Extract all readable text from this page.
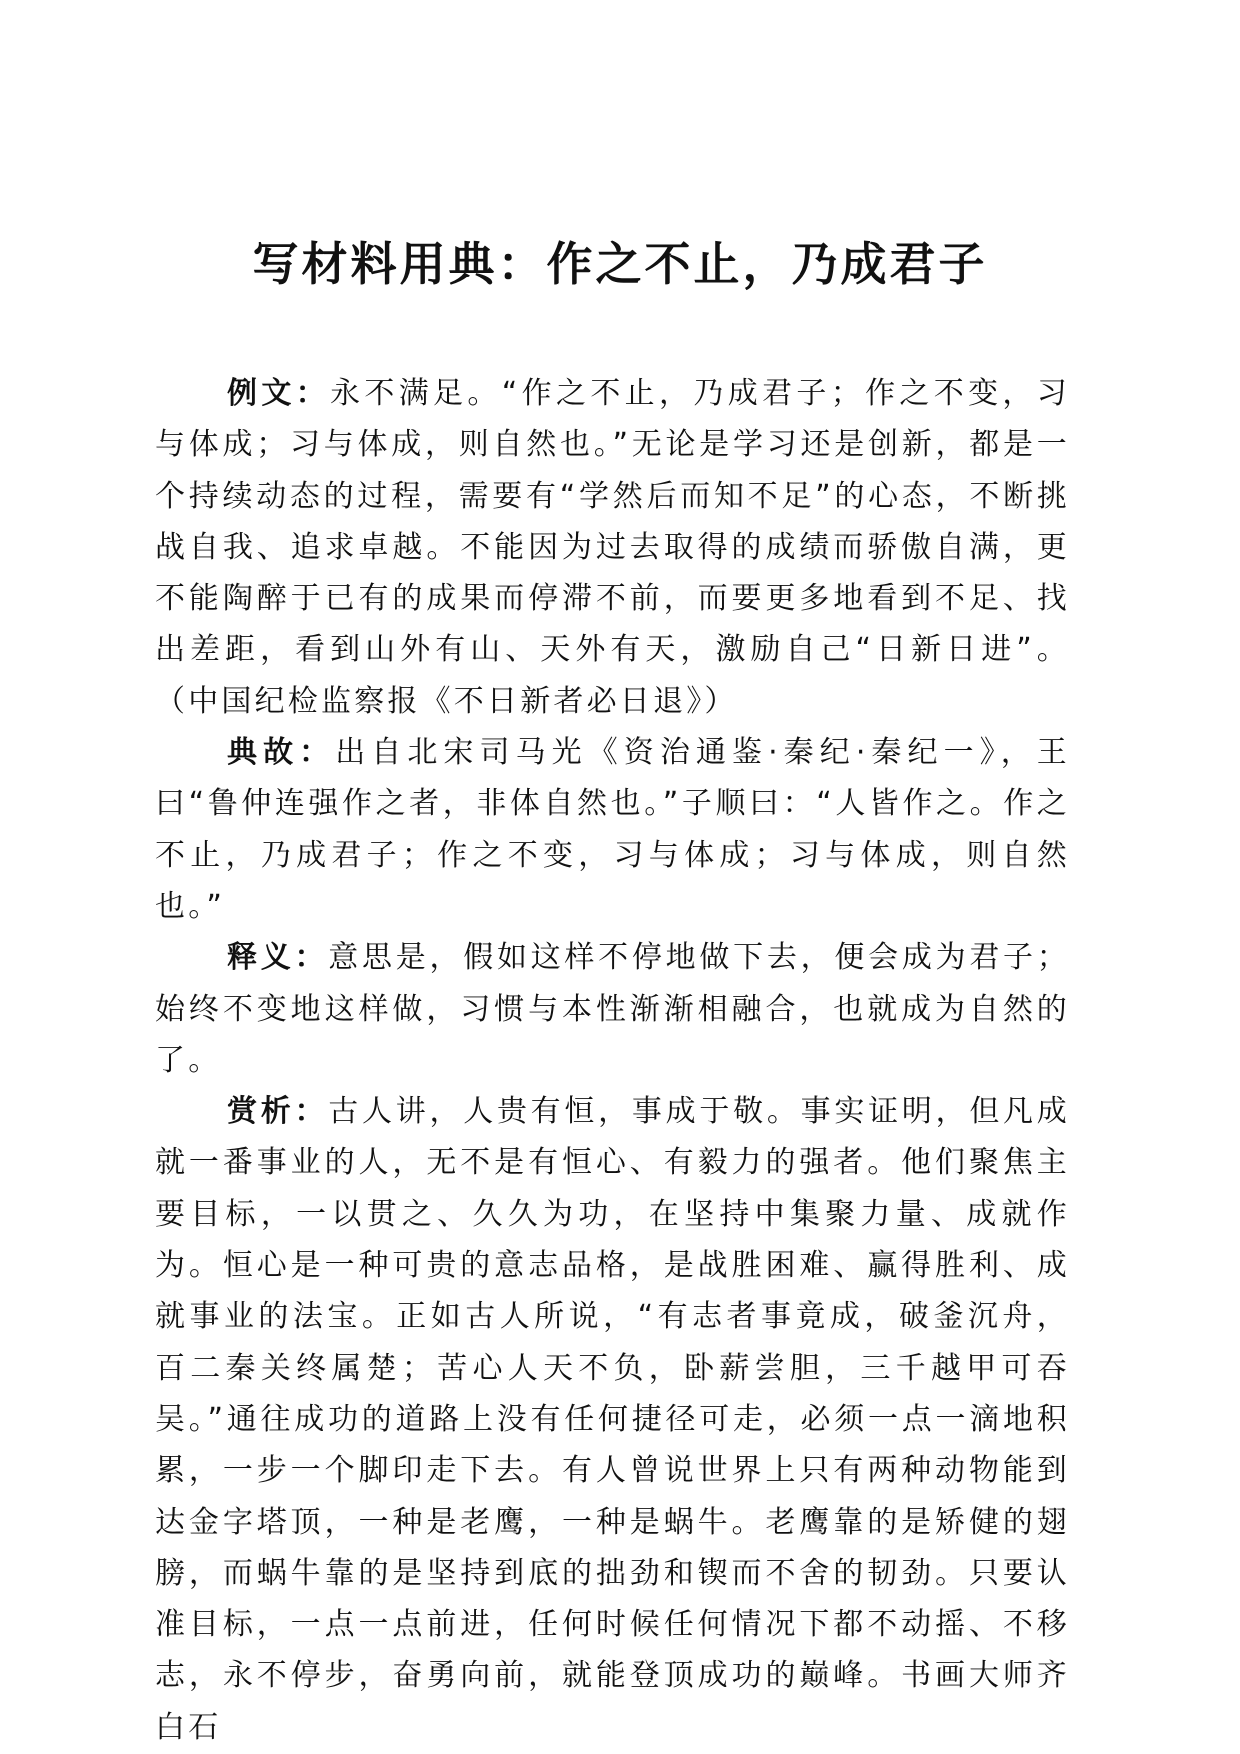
写材料用典：作之不止，乃成君子

例文：永不满足。“作之不止，乃成君子；作之不变，习与体成；习与体成，则自然也。”无论是学习还是创新，都是一个持续动态的过程，需要有“学然后而知不足”的心态，不断挑战自我、追求卓越。不能因为过去取得的成绩而骄傲自满，更不能陶醉于已有的成果而停滞不前，而要更多地看到不足、找出差距，看到山外有山、天外有天，激励自己“日新日进”。（中国纪检监察报《不日新者必日退》）

典故：出自北宋司马光《资治通鉴·秦纪·秦纪一》，王曰“鲁仲连强作之者，非体自然也。”子顺曰：“人皆作之。作之不止，乃成君子；作之不变，习与体成；习与体成，则自然也。”

释义：意思是，假如这样不停地做下去，便会成为君子；始终不变地这样做，习惯与本性渐渐相融合，也就成为自然的了。

赏析：古人讲，人贵有恒，事成于敬。事实证明，但凡成就一番事业的人，无不是有恒心、有毅力的强者。他们聚焦主要目标，一以贯之、久久为功，在坚持中集聚力量、成就作为。恒心是一种可贵的意志品格，是战胜困难、赢得胜利、成就事业的法宝。正如古人所说，“有志者事竟成，破釜沉舟，百二秦关终属楚；苦心人天不负，卧薪尝胆，三千越甲可吞吴。”通往成功的道路上没有任何捷径可走，必须一点一滴地积累，一步一个脚印走下去。有人曾说世界上只有两种动物能到达金字塔顶，一种是老鹰，一种是蜗牛。老鹰靠的是矫健的翅膀，而蜗牛靠的是坚持到底的拙劲和锲而不舍的韧劲。只要认准目标，一点一点前进，任何时候任何情况下都不动摇、不移志，永不停步，奋勇向前，就能登顶成功的巅峰。书画大师齐白石
